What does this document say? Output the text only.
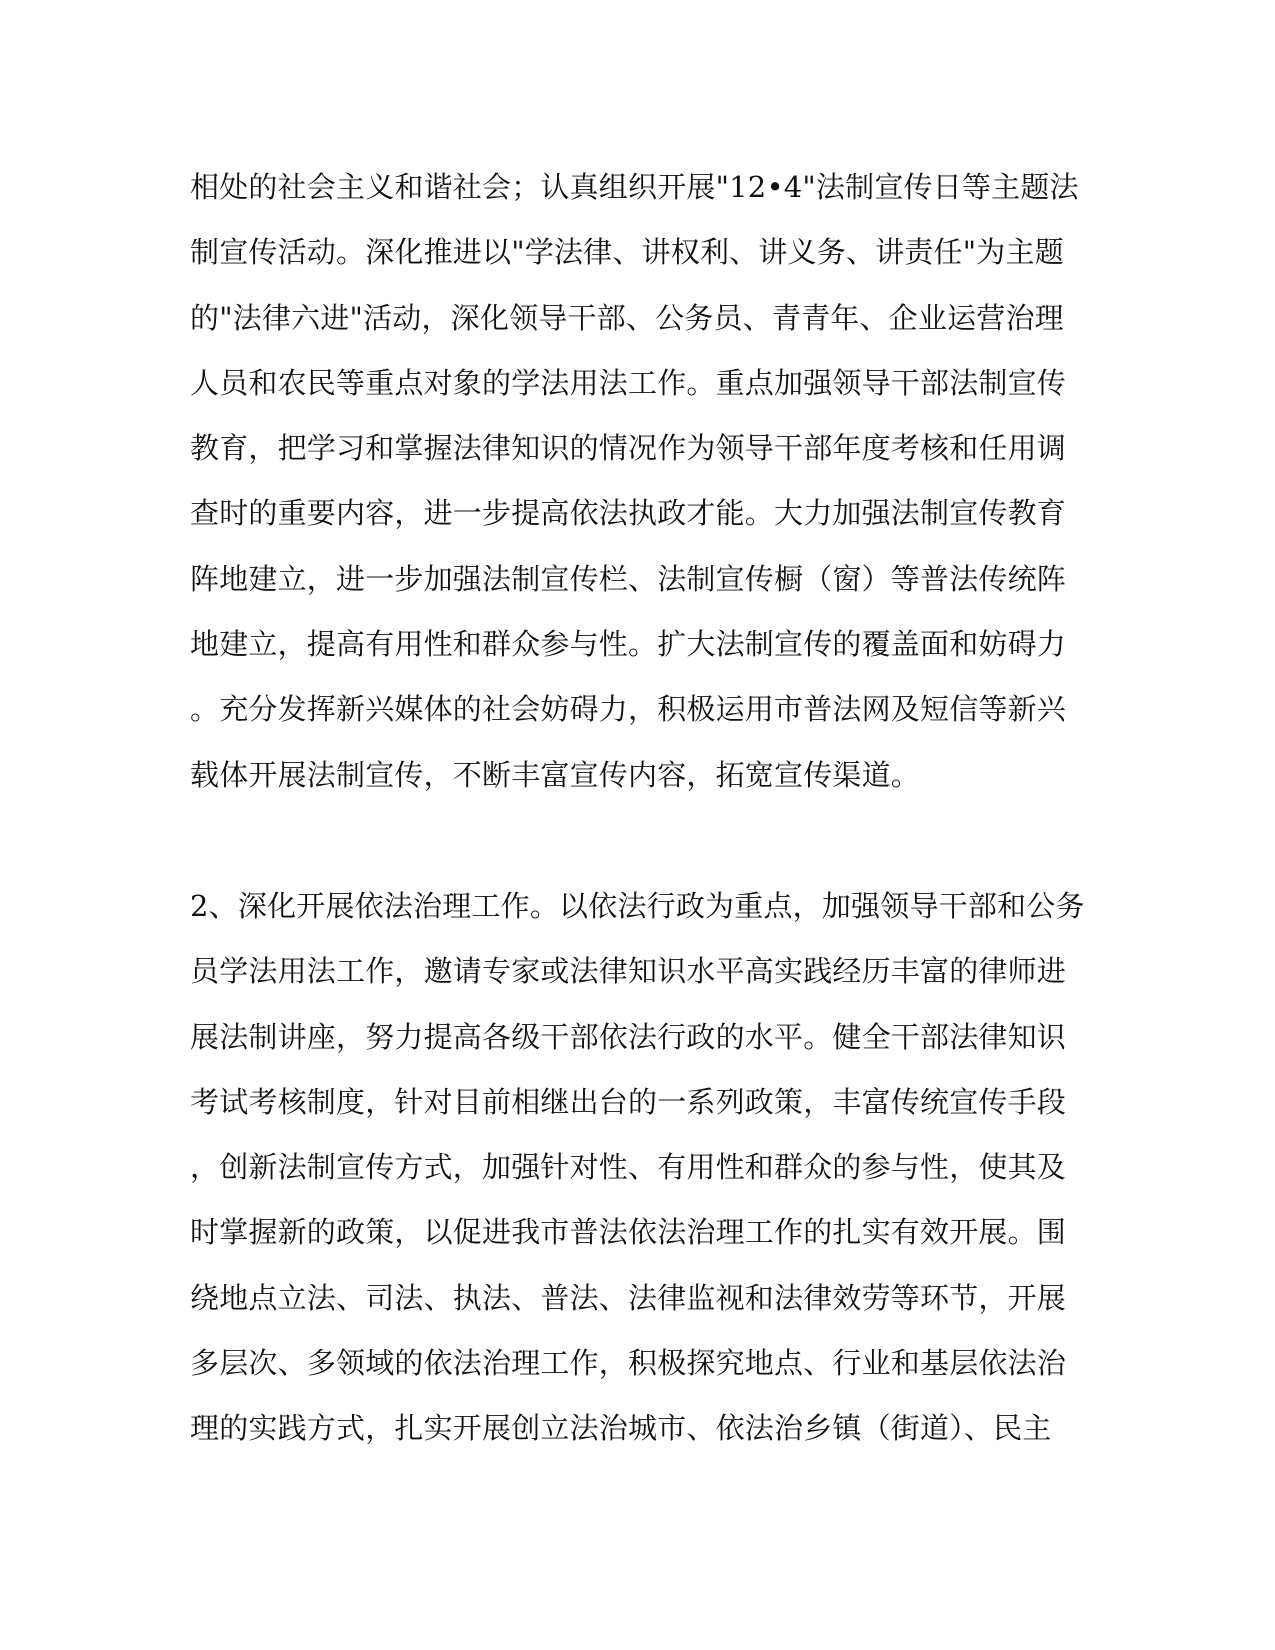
相处的社会主义和谐社会；认真组织开展"12•4"法制宣传日等主题法
制宣传活动。深化推进以"学法律、讲权利、讲义务、讲责任"为主题
的"法律六进"活动，深化领导干部、公务员、青青年、企业运营治理
人员和农民等重点对象的学法用法工作。重点加强领导干部法制宣传
教育，把学习和掌握法律知识的情况作为领导干部年度考核和任用调
查时的重要内容，进一步提高依法执政才能。大力加强法制宣传教育
阵地建立，进一步加强法制宣传栏、法制宣传橱（窗）等普法传统阵
地建立，提高有用性和群众参与性。扩大法制宣传的覆盖面和妨碍力
。充分发挥新兴媒体的社会妨碍力，积极运用市普法网及短信等新兴
载体开展法制宣传，不断丰富宣传内容，拓宽宣传渠道。
2、深化开展依法治理工作。以依法行政为重点，加强领导干部和公务
员学法用法工作，邀请专家或法律知识水平高实践经历丰富的律师进
展法制讲座，努力提高各级干部依法行政的水平。健全干部法律知识
考试考核制度，针对目前相继出台的一系列政策，丰富传统宣传手段
，创新法制宣传方式，加强针对性、有用性和群众的参与性，使其及
时掌握新的政策，以促进我市普法依法治理工作的扎实有效开展。围
绕地点立法、司法、执法、普法、法律监视和法律效劳等环节，开展
多层次、多领域的依法治理工作，积极探究地点、行业和基层依法治
理的实践方式，扎实开展创立法治城市、依法治乡镇（街道）、民主
